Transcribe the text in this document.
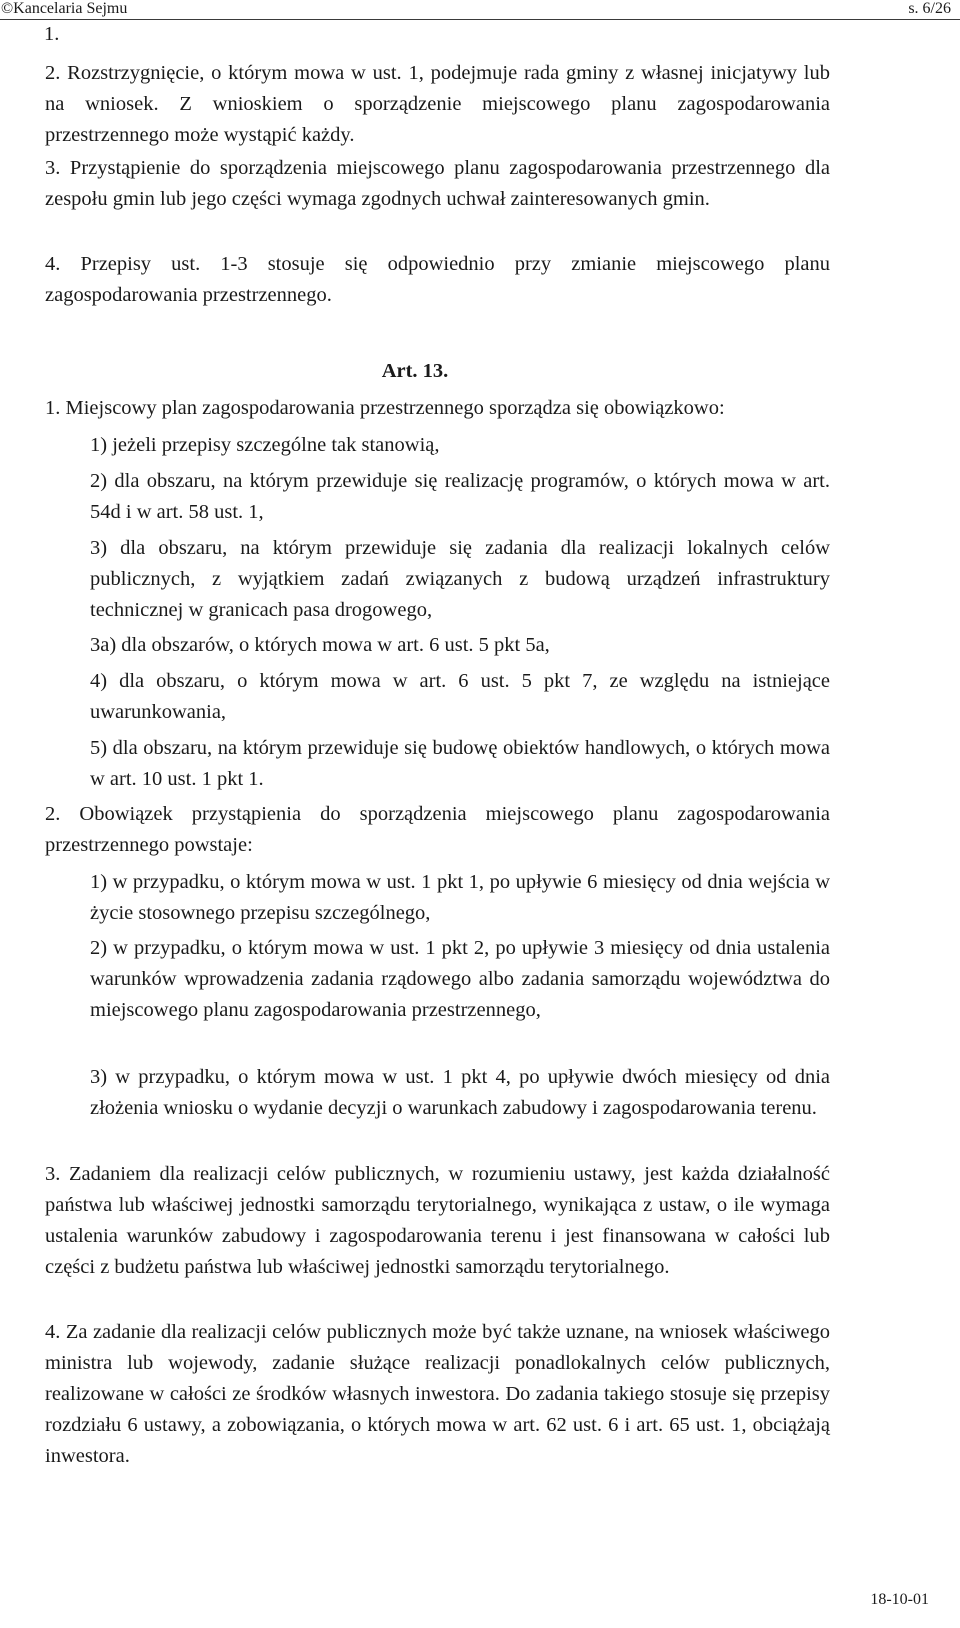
©Kancelaria Sejmu	s. 6/26
1.
2. Rozstrzygnięcie, o którym mowa w ust. 1, podejmuje rada gminy z własnej inicjatywy lub na wniosek. Z wnioskiem o sporządzenie miejscowego planu zagospodarowania przestrzennego może wystąpić każdy.
3. Przystąpienie do sporządzenia miejscowego planu zagospodarowania przestrzennego dla zespołu gmin lub jego części wymaga zgodnych uchwał zainteresowanych gmin.
4. Przepisy ust. 1-3 stosuje się odpowiednio przy zmianie miejscowego planu zagospodarowania przestrzennego.
Art. 13.
1. Miejscowy plan zagospodarowania przestrzennego sporządza się obowiązkowo:
1) jeżeli przepisy szczególne tak stanowią,
2) dla obszaru, na którym przewiduje się realizację programów, o których mowa w art. 54d i w art. 58 ust. 1,
3) dla obszaru, na którym przewiduje się zadania dla realizacji lokalnych celów publicznych, z wyjątkiem zadań związanych z budową urządzeń infrastruktury technicznej w granicach pasa drogowego,
3a) dla obszarów, o których mowa w art. 6 ust. 5 pkt 5a,
4) dla obszaru, o którym mowa w art. 6 ust. 5 pkt 7, ze względu na istniejące uwarunkowania,
5) dla obszaru, na którym przewiduje się budowę obiektów handlowych, o których mowa w art. 10 ust. 1 pkt 1.
2. Obowiązek przystąpienia do sporządzenia miejscowego planu zagospodarowania przestrzennego powstaje:
1) w przypadku, o którym mowa w ust. 1 pkt 1, po upływie 6 miesięcy od dnia wejścia w życie stosownego przepisu szczególnego,
2) w przypadku, o którym mowa w ust. 1 pkt 2, po upływie 3 miesięcy od dnia ustalenia warunków wprowadzenia zadania rządowego albo zadania samorządu województwa do miejscowego planu zagospodarowania przestrzennego,
3) w przypadku, o którym mowa w ust. 1 pkt 4, po upływie dwóch miesięcy od dnia złożenia wniosku o wydanie decyzji o warunkach zabudowy i zagospodarowania terenu.
3. Zadaniem dla realizacji celów publicznych, w rozumieniu ustawy, jest każda działalność państwa lub właściwej jednostki samorządu terytorialnego, wynikająca z ustaw, o ile wymaga ustalenia warunków zabudowy i zagospodarowania terenu i jest finansowana w całości lub części z budżetu państwa lub właściwej jednostki samorządu terytorialnego.
4. Za zadanie dla realizacji celów publicznych może być także uznane, na wniosek właściwego ministra lub wojewody, zadanie służące realizacji ponadlokalnych celów publicznych, realizowane w całości ze środków własnych inwestora. Do zadania takiego stosuje się przepisy rozdziału 6 ustawy, a zobowiązania, o których mowa w art. 62 ust. 6 i art. 65 ust. 1, obciążają inwestora.
18-10-01
